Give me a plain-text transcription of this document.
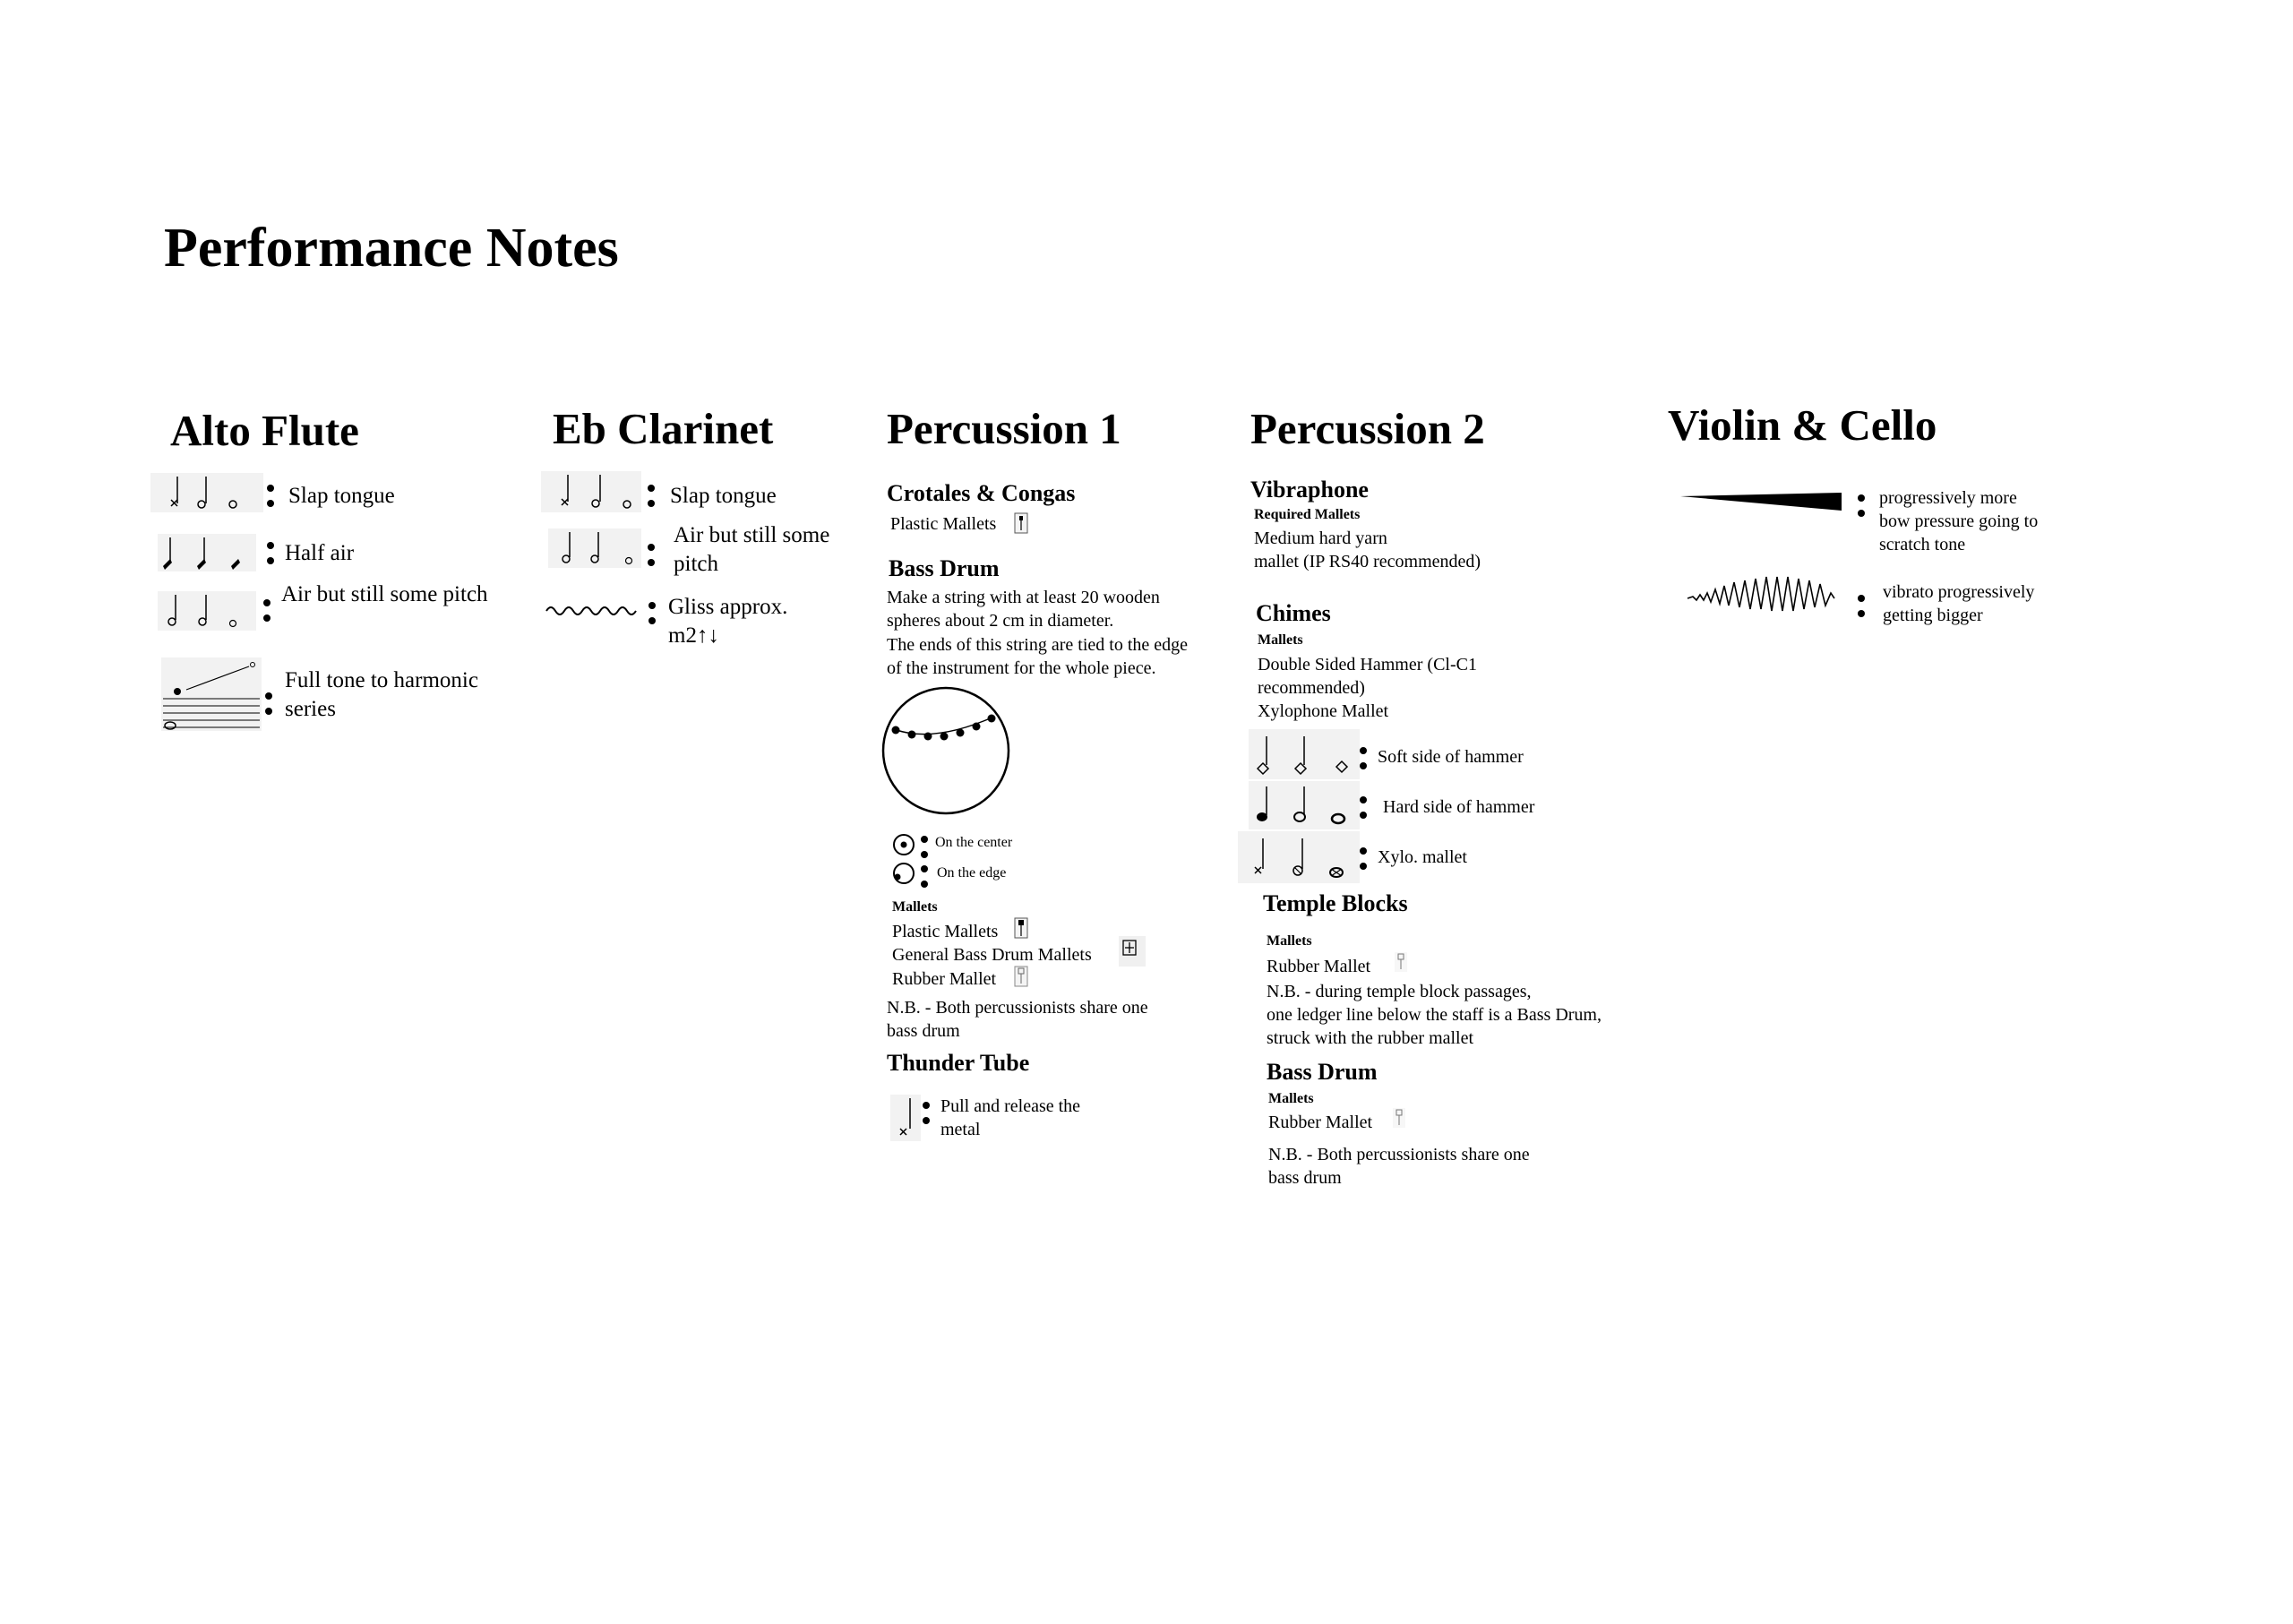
Performance Notes
Alto Flute
Slap tongue
Half air
Air but still some pitch
Full tone to harmonic series
Eb Clarinet
Slap tongue
Air but still some pitch
Gliss approx. m2↑↓
Percussion 1
Crotales & Congas
Plastic Mallets
Bass Drum
Make a string with at least 20 wooden
spheres about 2 cm in diameter.
The ends of this string are tied to the edge
of the instrument for the whole piece.
On the center
On the edge
Mallets
Plastic Mallets
General Bass Drum Mallets
Rubber Mallet
N.B. - Both percussionists share one
bass drum
Thunder Tube
Pull and release the
metal
Percussion 2
Vibraphone
Required Mallets
Medium hard yarn
mallet (IP RS40 recommended)
Chimes
Mallets
Double Sided Hammer (Cl-C1
recommended)
Xylophone Mallet
Soft side of hammer
Hard side of hammer
Xylo. mallet
Temple Blocks
Mallets
Rubber Mallet
N.B. - during temple block passages,
one ledger line below the staff is a Bass Drum,
struck with the rubber mallet
Bass Drum
Mallets
Rubber Mallet
N.B. - Both percussionists share one
bass drum
Violin & Cello
progressively more
bow pressure going to
scratch tone
vibrato progressively
getting bigger
